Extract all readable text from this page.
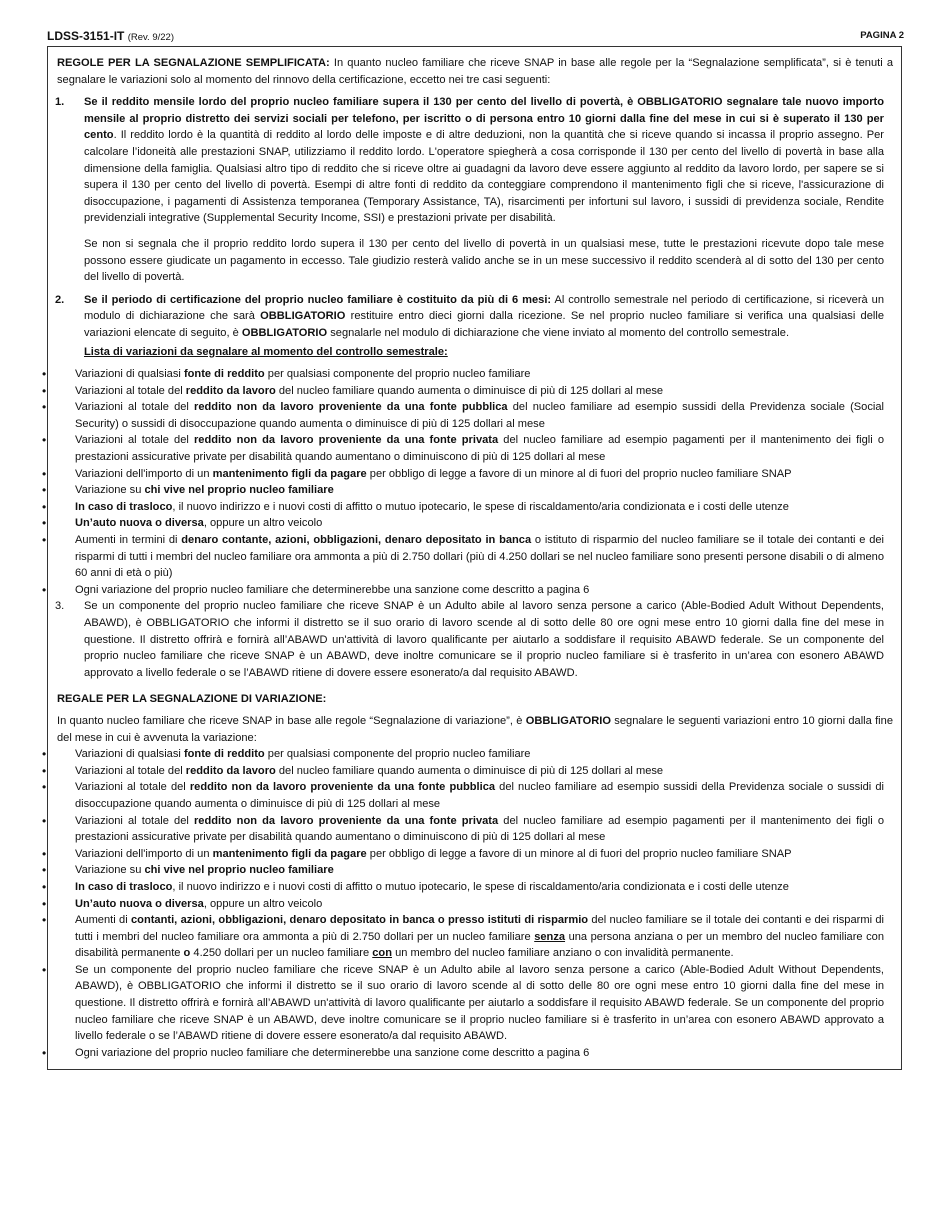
LDSS-3151-IT (Rev. 9/22)	PAGINA 2

REGOLE PER LA SEGNALAZIONE SEMPLIFICATA: In quanto nucleo familiare che riceve SNAP in base alle regole per la “Segnalazione semplificata”, si è tenuti a segnalare le variazioni solo al momento del rinnovo della certificazione, eccetto nei tre casi seguenti:

1. Se il reddito mensile lordo del proprio nucleo familiare supera il 130 per cento del livello di povertà, è OBBLIGATORIO segnalare tale nuovo importo mensile al proprio distretto dei servizi sociali per telefono, per iscritto o di persona entro 10 giorni dalla fine del mese in cui si è superato il 130 per cento. Il reddito lordo è la quantità di reddito al lordo delle imposte e di altre deduzioni, non la quantità che si riceve quando si incassa il proprio assegno. Per calcolare l’idoneità alle prestazioni SNAP, utilizziamo il reddito lordo. L'operatore spiegherà a cosa corrisponde il 130 per cento del livello di povertà in base alla dimensione della famiglia. Qualsiasi altro tipo di reddito che si riceve oltre ai guadagni da lavoro deve essere aggiunto al reddito da lavoro lordo, per sapere se si supera il 130 per cento del livello di povertà. Esempi di altre fonti di reddito da conteggiare comprendono il mantenimento figli che si riceve, l'assicurazione di disoccupazione, i pagamenti di Assistenza temporanea (Temporary Assistance, TA), risarcimenti per infortuni sul lavoro, i sussidi di previdenza sociale, Rendite previdenziali integrative (Supplemental Security Income, SSI) e prestazioni private per disabilità.
Se non si segnala che il proprio reddito lordo supera il 130 per cento del livello di povertà in un qualsiasi mese, tutte le prestazioni ricevute dopo tale mese possono essere giudicate un pagamento in eccesso. Tale giudizio resterà valido anche se in un mese successivo il reddito scenderà al di sotto del 130 per cento del livello di povertà.
2. Se il periodo di certificazione del proprio nucleo familiare è costituito da più di 6 mesi: Al controllo semestrale nel periodo di certificazione, si riceverà un modulo di dichiarazione che sarà OBBLIGATORIO restituire entro dieci giorni dalla ricezione. Se nel proprio nucleo familiare si verifica una qualsiasi delle variazioni elencate di seguito, è OBBLIGATORIO segnalarle nel modulo di dichiarazione che viene inviato al momento del controllo semestrale.
Lista di variazioni da segnalare al momento del controllo semestrale:
•	Variazioni di qualsiasi fonte di reddito per qualsiasi componente del proprio nucleo familiare
•	Variazioni al totale del reddito da lavoro del nucleo familiare quando aumenta o diminuisce di più di 125 dollari al mese
•	Variazioni al totale del reddito non da lavoro proveniente da una fonte pubblica del nucleo familiare ad esempio sussidi della Previdenza sociale (Social Security) o sussidi di disoccupazione quando aumenta o diminuisce di più di 125 dollari al mese
•	Variazioni al totale del reddito non da lavoro proveniente da una fonte privata del nucleo familiare ad esempio pagamenti per il mantenimento dei figli o prestazioni assicurative private per disabilità quando aumentano o diminuiscono di più di 125 dollari al mese
•	Variazioni dell'importo di un mantenimento figli da pagare per obbligo di legge a favore di un minore al di fuori del proprio nucleo familiare SNAP
•	Variazione su chi vive nel proprio nucleo familiare
•	In caso di trasloco, il nuovo indirizzo e i nuovi costi di affitto o mutuo ipotecario, le spese di riscaldamento/aria condizionata e i costi delle utenze
•	Un’auto nuova o diversa, oppure un altro veicolo
•	Aumenti in termini di denaro contante, azioni, obbligazioni, denaro depositato in banca o istituto di risparmio del nucleo familiare se il totale dei contanti e dei risparmi di tutti i membri del nucleo familiare ora ammonta a più di 2.750 dollari (più di 4.250 dollari se nel nucleo familiare sono presenti persone disabili o di almeno 60 anni di età o più)
•	Ogni variazione del proprio nucleo familiare che determinerebbe una sanzione come descritto a pagina 6
3. Se un componente del proprio nucleo familiare che riceve SNAP è un Adulto abile al lavoro senza persone a carico (Able-Bodied Adult Without Dependents, ABAWD), è OBBLIGATORIO che informi il distretto se il suo orario di lavoro scende al di sotto delle 80 ore ogni mese entro 10 giorni dalla fine del mese in questione. Il distretto offrirà e fornirà all’ABAWD un'attività di lavoro qualificante per aiutarlo a soddisfare il requisito ABAWD federale. Se un componente del proprio nucleo familiare che riceve SNAP è un ABAWD, deve inoltre comunicare se il proprio nucleo familiare si è trasferito in un’area con esonero ABAWD approvato a livello federale o se l’ABAWD ritiene di dovere essere esonerato/a dal requisito ABAWD.
REGALE PER LA SEGNALAZIONE DI VARIAZIONE:

In quanto nucleo familiare che riceve SNAP in base alle regole “Segnalazione di variazione”, è OBBLIGATORIO segnalare le seguenti variazioni entro 10 giorni dalla fine del mese in cui è avvenuta la variazione:

•	Variazioni di qualsiasi fonte di reddito per qualsiasi componente del proprio nucleo familiare
•	Variazioni al totale del reddito da lavoro del nucleo familiare quando aumenta o diminuisce di più di 125 dollari al mese
•	Variazioni al totale del reddito non da lavoro proveniente da una fonte pubblica del nucleo familiare ad esempio sussidi della Previdenza sociale o sussidi di disoccupazione quando aumenta o diminuisce di più di 125 dollari al mese
•	Variazioni al totale del reddito non da lavoro proveniente da una fonte privata del nucleo familiare ad esempio pagamenti per il mantenimento dei figli o prestazioni assicurative private per disabilità quando aumentano o diminuiscono di più di 125 dollari al mese
•	Variazioni dell'importo di un mantenimento figli da pagare per obbligo di legge a favore di un minore al di fuori del proprio nucleo familiare SNAP
•	Variazione su chi vive nel proprio nucleo familiare
•	In caso di trasloco, il nuovo indirizzo e i nuovi costi di affitto o mutuo ipotecario, le spese di riscaldamento/aria condizionata e i costi delle utenze
•	Un’auto nuova o diversa, oppure un altro veicolo
•	Aumenti di contanti, azioni, obbligazioni, denaro depositato in banca o presso istituti di risparmio del nucleo familiare se il totale dei contanti e dei risparmi di tutti i membri del nucleo familiare ora ammonta a più di 2.750 dollari per un nucleo familiare senza una persona anziana o per un membro del nucleo familiare con disabilità permanente o 4.250 dollari per un nucleo familiare con un membro del nucleo familiare anziano o con invalidità permanente.
•	Se un componente del proprio nucleo familiare che riceve SNAP è un Adulto abile al lavoro senza persone a carico (Able-Bodied Adult Without Dependents, ABAWD), è OBBLIGATORIO che informi il distretto se il suo orario di lavoro scende al di sotto delle 80 ore ogni mese entro 10 giorni dalla fine del mese in questione. Il distretto offrirà e fornirà all’ABAWD un'attività di lavoro qualificante per aiutarlo a soddisfare il requisito ABAWD federale. Se un componente del proprio nucleo familiare che riceve SNAP è un ABAWD, deve inoltre comunicare se il proprio nucleo familiare si è trasferito in un’area con esonero ABAWD approvato a livello federale o se l’ABAWD ritiene di dovere essere esonerato/a dal requisito ABAWD.
•	Ogni variazione del proprio nucleo familiare che determinerebbe una sanzione come descritto a pagina 6
